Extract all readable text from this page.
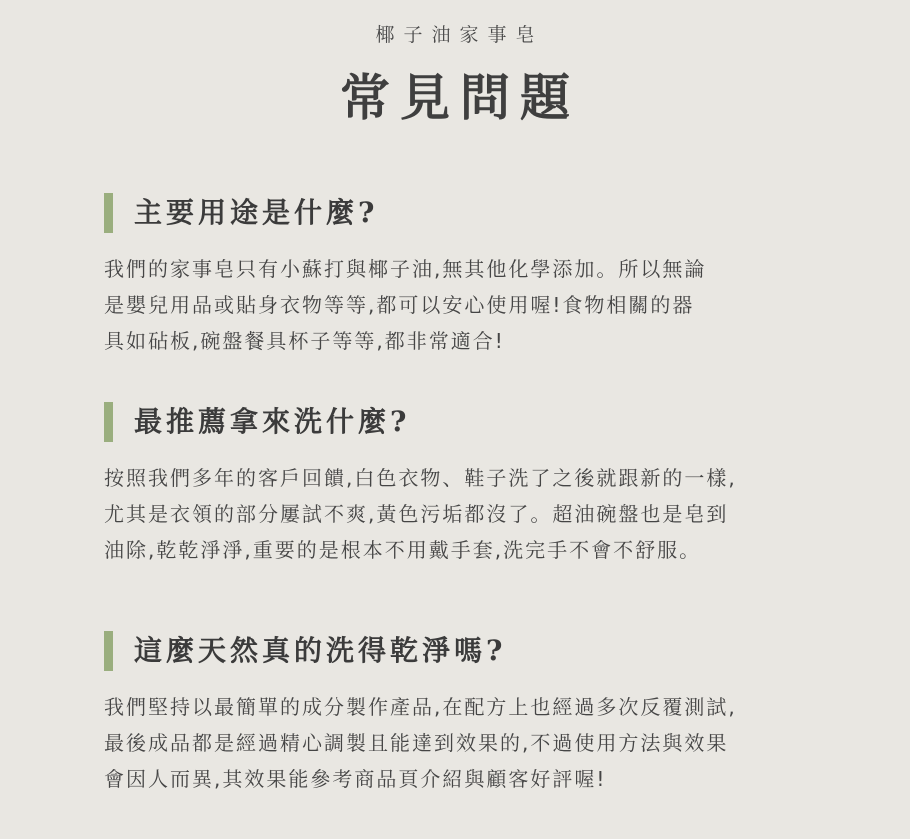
椰子油家事皂
常見問題
主要用途是什麼?
我們的家事皂只有小蘇打與椰子油,無其他化學添加。所以無論
是嬰兒用品或貼身衣物等等,都可以安心使用喔!食物相關的器
具如砧板,碗盤餐具杯子等等,都非常適合!
最推薦拿來洗什麼?
按照我們多年的客戶回饋,白色衣物、鞋子洗了之後就跟新的一樣,
尤其是衣領的部分屢試不爽,黃色污垢都沒了。超油碗盤也是皂到
油除,乾乾淨淨,重要的是根本不用戴手套,洗完手不會不舒服。
這麼天然真的洗得乾淨嗎?
我們堅持以最簡單的成分製作產品,在配方上也經過多次反覆測試,
最後成品都是經過精心調製且能達到效果的,不過使用方法與效果
會因人而異,其效果能參考商品頁介紹與顧客好評喔!
